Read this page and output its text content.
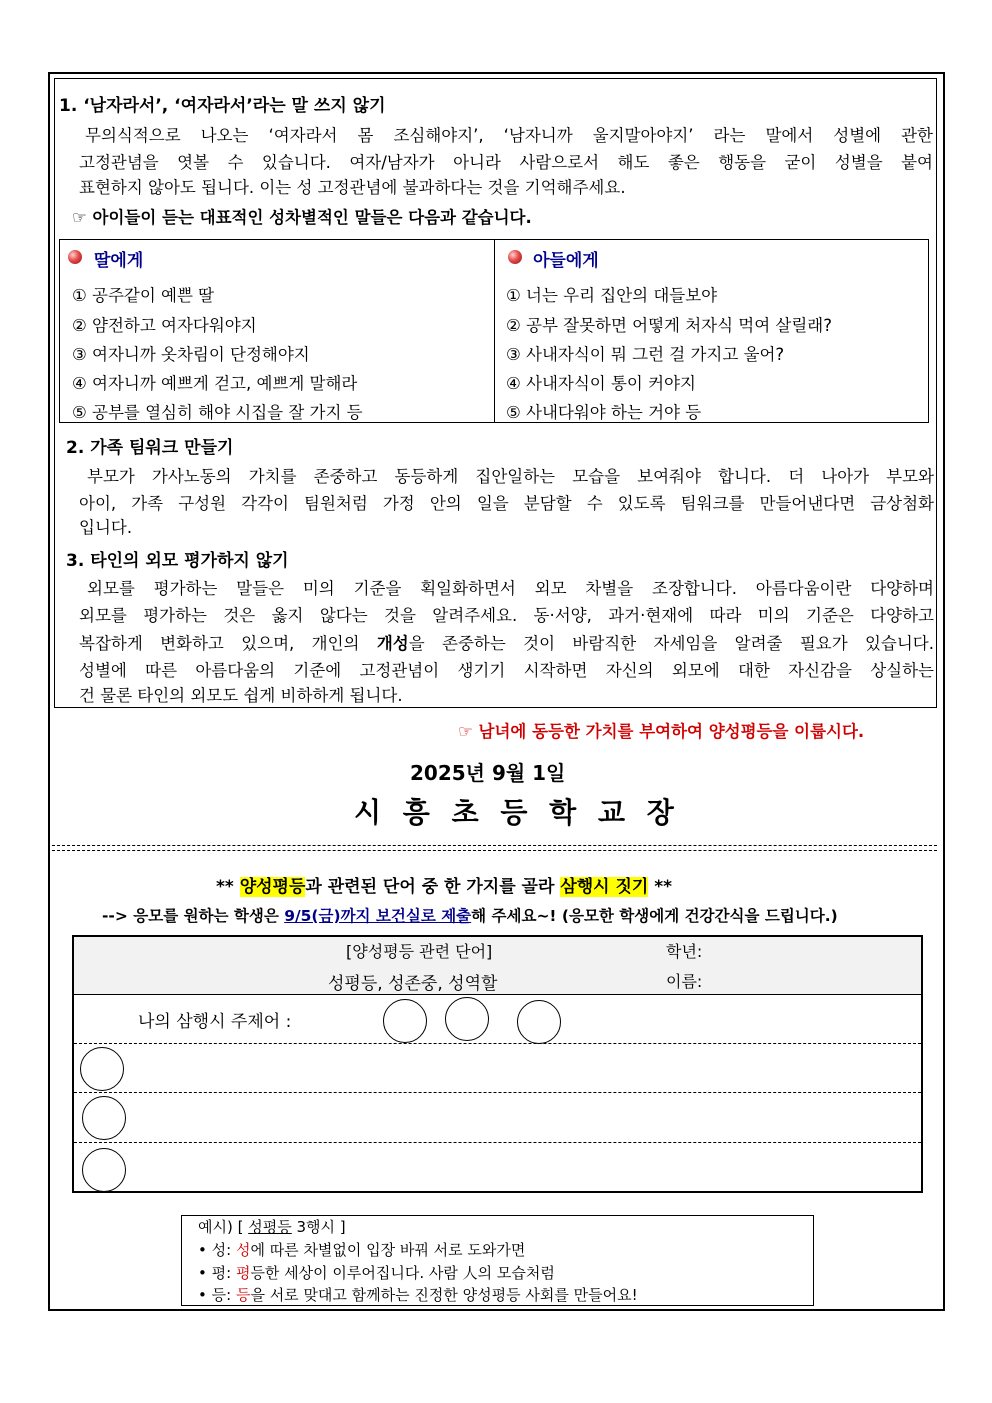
1. ‘남자라서’, ‘여자라서’라는 말 쓰지 않기
무의식적으로 나오는 ‘여자라서 몸 조심해야지’, ‘남자니까 울지말아야지’ 라는 말에서 성별에 관한
고정관념을 엿볼 수 있습니다. 여자/남자가 아니라 사람으로서 해도 좋은 행동을 굳이 성별을 붙여
표현하지 않아도 됩니다. 이는 성 고정관념에 불과하다는 것을 기억해주세요.
☞ 아이들이 듣는 대표적인 성차별적인 말들은 다음과 같습니다.
딸에게
① 공주같이 예쁜 딸
② 얌전하고 여자다워야지
③ 여자니까 옷차림이 단정해야지
④ 여자니까 예쁘게 걷고, 예쁘게 말해라
⑤ 공부를 열심히 해야 시집을 잘 가지 등
아들에게
① 너는 우리 집안의 대들보야
② 공부 잘못하면 어떻게 처자식 먹여 살릴래?
③ 사내자식이 뭐 그런 걸 가지고 울어?
④ 사내자식이 통이 커야지
⑤ 사내다워야 하는 거야 등
2. 가족 팀워크 만들기
부모가 가사노동의 가치를 존중하고 동등하게 집안일하는 모습을 보여줘야 합니다. 더 나아가 부모와
아이, 가족 구성원 각각이 팀원처럼 가정 안의 일을 분담할 수 있도록 팀워크를 만들어낸다면 금상첨화
입니다.
3. 타인의 외모 평가하지 않기
외모를 평가하는 말들은 미의 기준을 획일화하면서 외모 차별을 조장합니다. 아름다움이란 다양하며
외모를 평가하는 것은 옳지 않다는 것을 알려주세요. 동·서양, 과거·현재에 따라 미의 기준은 다양하고
복잡하게 변화하고 있으며, 개인의 개성을 존중하는 것이 바람직한 자세임을 알려줄 필요가 있습니다.
성별에 따른 아름다움의 기준에 고정관념이 생기기 시작하면 자신의 외모에 대한 자신감을 상실하는
건 물론 타인의 외모도 쉽게 비하하게 됩니다.
☞ 남녀에 동등한 가치를 부여하여 양성평등을 이룹시다.
2025년 9월 1일
시 흥 초 등 학 교 장
** 양성평등과 관련된 단어 중 한 가지를 골라 삼행시 짓기 **
--> 응모를 원하는 학생은 9/5(금)까지 보건실로 제출해 주세요~! (응모한 학생에게 건강간식을 드립니다.)
[양성평등 관련 단어]
성평등, 성존중, 성역할
학년:
이름:
나의 삼행시 주제어 :
예시) [ 성평등 3행시 ]
• 성: 성에 따른 차별없이 입장 바꿔 서로 도와가면
• 평: 평등한 세상이 이루어집니다. 사람 人의 모습처럼
• 등: 등을 서로 맞대고 함께하는 진정한 양성평등 사회를 만들어요!
